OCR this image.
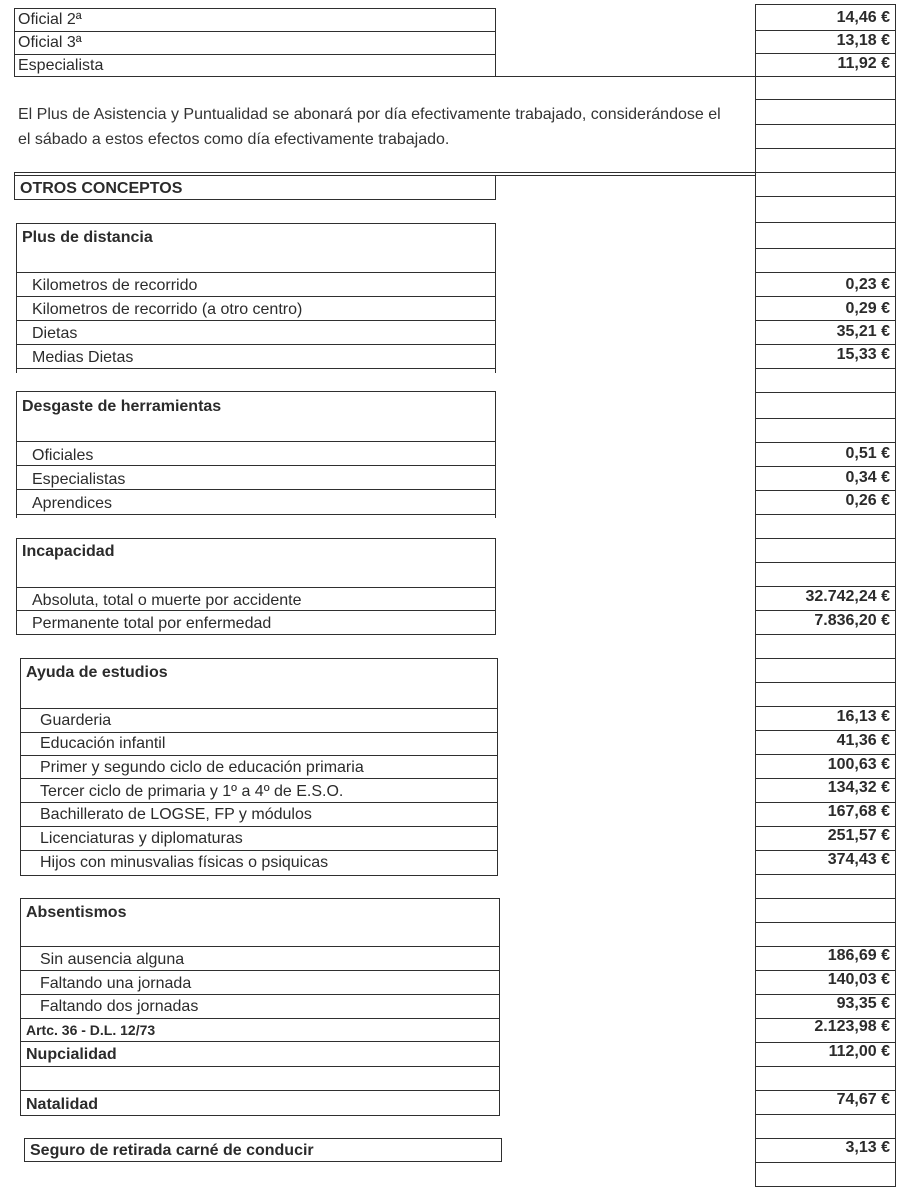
Oficial 2ª	14,46 €
Oficial 3ª	13,18 €
Especialista	11,92 €
El Plus de Asistencia y Puntualidad se abonará por día efectivamente trabajado, considerándose el
el sábado a estos efectos como día efectivamente trabajado.
OTROS CONCEPTOS
Plus de distancia
Kilometros de recorrido	0,23 €
Kilometros de recorrido (a otro centro)	0,29 €
Dietas	35,21 €
Medias Dietas	15,33 €
Desgaste de herramientas
Oficiales	0,51 €
Especialistas	0,34 €
Aprendices	0,26 €
Incapacidad
Absoluta, total o muerte por accidente	32.742,24 €
Permanente total por enfermedad	7.836,20 €
Ayuda de estudios
Guarderia	16,13 €
Educación infantil	41,36 €
Primer y segundo ciclo de educación primaria	100,63 €
Tercer ciclo de primaria y 1º a 4º de E.S.O.	134,32 €
Bachillerato de LOGSE, FP y módulos	167,68 €
Licenciaturas y diplomaturas	251,57 €
Hijos con minusvalias físicas o psiquicas	374,43 €
Absentismos
Sin ausencia alguna	186,69 €
Faltando una jornada	140,03 €
Faltando dos jornadas	93,35 €
Artc. 36 - D.L. 12/73	2.123,98 €
Nupcialidad	112,00 €
Natalidad	74,67 €
Seguro de retirada carné de conducir	3,13 €
